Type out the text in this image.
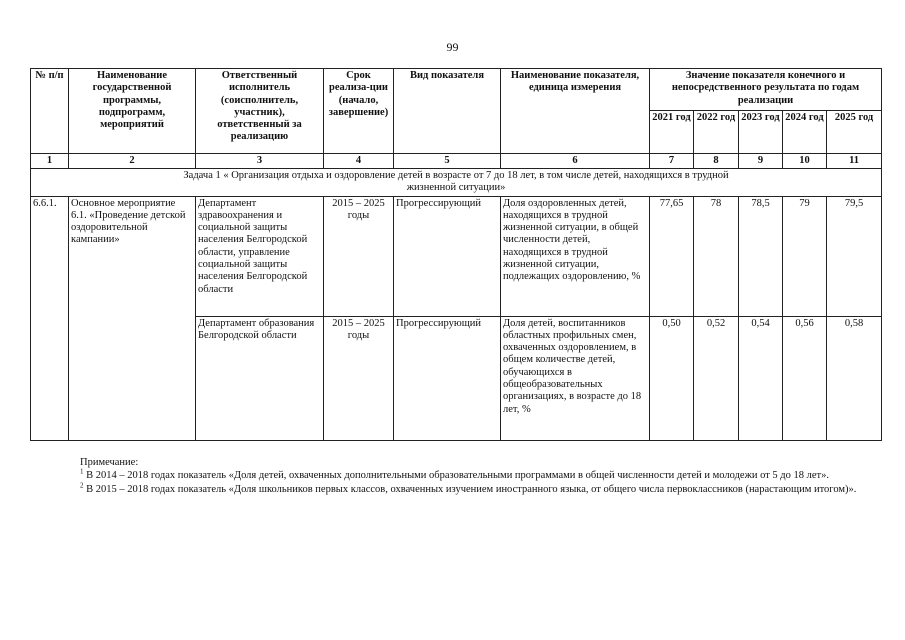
99
№ п/п	Наименование государственной программы, подпрограмм, мероприятий	Ответственный исполнитель (соисполнитель, участник), ответственный за реализацию	Срок реализа-ции (начало, завершение)	Вид показателя	Наименование показателя, единица измерения	Значение показателя конечного и непосредственного результата по годам реализации				
						2021 год	2022 год	2023 год	2024 год	2025 год
1	2	3	4	5	6	7	8	9	10	11
Задача 1 « Организация отдыха и оздоровление детей в возрасте от 7 до 18 лет, в том числе детей, находящихся в трудной жизненной ситуации»										
6.6.1.	Основное мероприятие 6.1. «Проведение детской оздоровительной кампании»	Департамент здравоохранения и социальной защиты населения Белгородской области, управление социальной защиты населения Белгородской области	2015 – 2025 годы	Прогрессирующий	Доля оздоровленных детей, находящихся в трудной жизненной ситуации, в общей численности детей, находящихся в трудной жизненной ситуации, подлежащих оздоровлению, %	77,65	78	78,5	79	79,5
		Департамент образования Белгородской области	2015 – 2025 годы	Прогрессирующий	Доля детей, воспитанников областных профильных смен, охваченных оздоровлением, в общем количестве детей, обучающихся в общеобразовательных организациях, в возрасте до 18 лет, %	0,50	0,52	0,54	0,56	0,58

Примечание:

$^1$ В 2014 – 2018 годах показатель «Доля детей, охваченных дополнительными образовательными программами в общей численности детей и молодежи от 5 до 18 лет».

$^2$ В 2015 – 2018 годах показатель «Доля школьников первых классов, охваченных изучением иностранного языка, от общего числа первоклассников (нарастающим итогом)».
